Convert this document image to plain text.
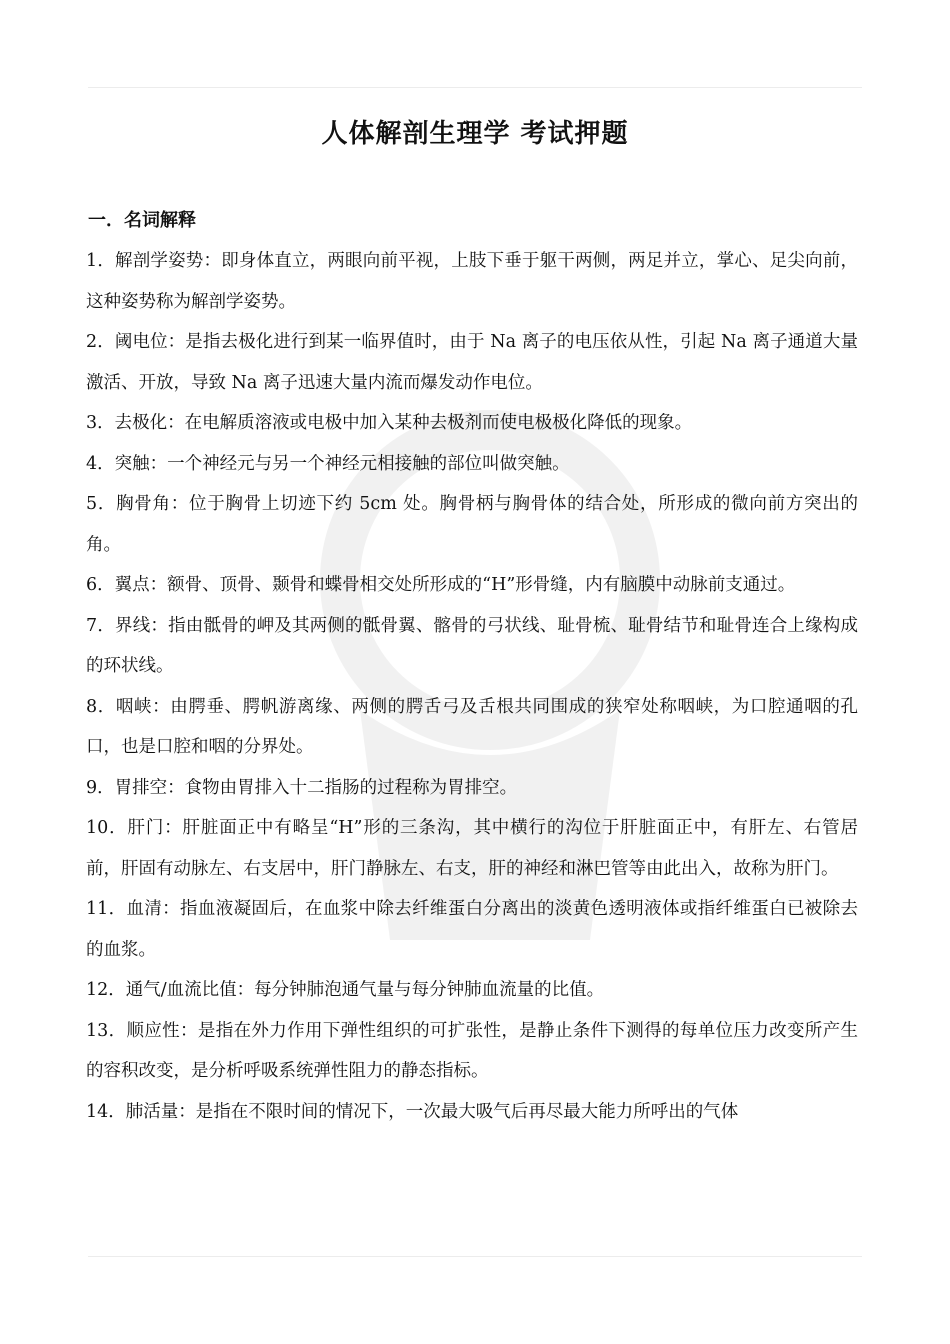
人体解剖生理学 考试押题
一．名词解释

1．解剖学姿势：即身体直立，两眼向前平视，上肢下垂于躯干两侧，两足并立，掌心、足尖向前，这种姿势称为解剖学姿势。

2．阈电位：是指去极化进行到某一临界值时，由于 Na 离子的电压依从性，引起 Na 离子通道大量激活、开放，导致 Na 离子迅速大量内流而爆发动作电位。

3．去极化：在电解质溶液或电极中加入某种去极剂而使电极极化降低的现象。

4．突触：一个神经元与另一个神经元相接触的部位叫做突触。

5．胸骨角：位于胸骨上切迹下约 5cm 处。胸骨柄与胸骨体的结合处，所形成的微向前方突出的角。

6．翼点：额骨、顶骨、颞骨和蝶骨相交处所形成的“H”形骨缝，内有脑膜中动脉前支通过。

7．界线：指由骶骨的岬及其两侧的骶骨翼、髂骨的弓状线、耻骨梳、耻骨结节和耻骨连合上缘构成的环状线。

8．咽峡：由腭垂、腭帆游离缘、两侧的腭舌弓及舌根共同围成的狭窄处称咽峡，为口腔通咽的孔口，也是口腔和咽的分界处。

9．胃排空：食物由胃排入十二指肠的过程称为胃排空。

10．肝门：肝脏面正中有略呈“H”形的三条沟，其中横行的沟位于肝脏面正中，有肝左、右管居前，肝固有动脉左、右支居中，肝门静脉左、右支，肝的神经和淋巴管等由此出入，故称为肝门。

11．血清：指血液凝固后，在血浆中除去纤维蛋白分离出的淡黄色透明液体或指纤维蛋白已被除去的血浆。

12．通气/血流比值：每分钟肺泡通气量与每分钟肺血流量的比值。

13．顺应性：是指在外力作用下弹性组织的可扩张性，是静止条件下测得的每单位压力改变所产生的容积改变，是分析呼吸系统弹性阻力的静态指标。

14．肺活量：是指在不限时间的情况下，一次最大吸气后再尽最大能力所呼出的气体
